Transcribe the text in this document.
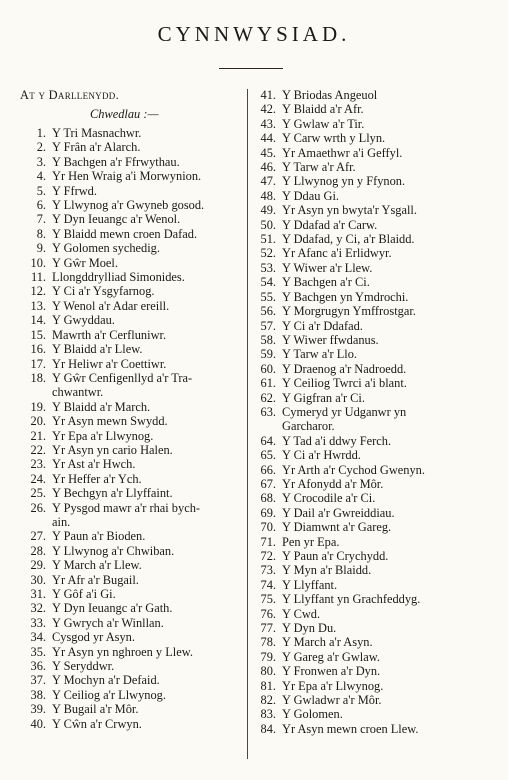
CYNNWYSIAD.
At y Darllenydd.
Chwedlau :—
1. Y Tri Masnachwr.
2. Y Frân a'r Alarch.
3. Y Bachgen a'r Ffrwythau.
4. Yr Hen Wraig a'i Morwynion.
5. Y Ffrwd.
6. Y Llwynog a'r Gwyneb gosod.
7. Y Dyn Ieuangc a'r Wenol.
8. Y Blaidd mewn croen Dafad.
9. Y Golomen sychedig.
10. Y Gŵr Moel.
11. Llongddrylliad Simonides.
12. Y Ci a'r Ysgyfarnog.
13. Y Wenol a'r Adar ereill.
14. Y Gwyddau.
15. Mawrth a'r Cerfluniwr.
16. Y Blaidd a'r Llew.
17. Yr Heliwr a'r Coettiwr.
18. Y Gŵr Cenfigenllyd a'r Tra-
chwantwr.
19. Y Blaidd a'r March.
20. Yr Asyn mewn Swydd.
21. Yr Epa a'r Llwynog.
22. Yr Asyn yn cario Halen.
23. Yr Ast a'r Hwch.
24. Yr Heffer a'r Ych.
25. Y Bechgyn a'r Llyffaint.
26. Y Pysgod mawr a'r rhai bych-
ain.
27. Y Paun a'r Bioden.
28. Y Llwynog a'r Chwiban.
29. Y March a'r Llew.
30. Yr Afr a'r Bugail.
31. Y Gôf a'i Gi.
32. Y Dyn Ieuangc a'r Gath.
33. Y Gwrych a'r Winllan.
34. Cysgod yr Asyn.
35. Yr Asyn yn nghroen y Llew.
36. Y Seryddwr.
37. Y Mochyn a'r Defaid.
38. Y Ceiliog a'r Llwynog.
39. Y Bugail a'r Môr.
40. Y Cŵn a'r Crwyn.
41. Y Briodas Angeuol
42. Y Blaidd a'r Afr.
43. Y Gwlaw a'r Tir.
44. Y Carw wrth y Llyn.
45. Yr Amaethwr a'i Geffyl.
46. Y Tarw a'r Afr.
47. Y Llwynog yn y Ffynon.
48. Y Ddau Gi.
49. Yr Asyn yn bwyta'r Ysgall.
50. Y Ddafad a'r Carw.
51. Y Ddafad, y Ci, a'r Blaidd.
52. Yr Afanc a'i Erlidwyr.
53. Y Wiwer a'r Llew.
54. Y Bachgen a'r Ci.
55. Y Bachgen yn Ymdrochi.
56. Y Morgrugyn Ymffrostgar.
57. Y Ci a'r Ddafad.
58. Y Wiwer ffwdanus.
59. Y Tarw a'r Llo.
60. Y Draenog a'r Nadroedd.
61. Y Ceiliog Twrci a'i blant.
62. Y Gigfran a'r Ci.
63. Cymeryd yr Udganwr yn
Garcharor.
64. Y Tad a'i ddwy Ferch.
65. Y Ci a'r Hwrdd.
66. Yr Arth a'r Cychod Gwenyn.
67. Yr Afonydd a'r Môr.
68. Y Crocodile a'r Ci.
69. Y Dail a'r Gwreiddiau.
70. Y Diamwnt a'r Gareg.
71. Pen yr Epa.
72. Y Paun a'r Crychydd.
73. Y Myn a'r Blaidd.
74. Y Llyffant.
75. Y Llyffant yn Grachfeddyg.
76. Y Cwd.
77. Y Dyn Du.
78. Y March a'r Asyn.
79. Y Gareg a'r Gwlaw.
80. Y Fronwen a'r Dyn.
81. Yr Epa a'r Llwynog.
82. Y Gwladwr a'r Môr.
83. Y Golomen.
84. Yr Asyn mewn croen Llew.
